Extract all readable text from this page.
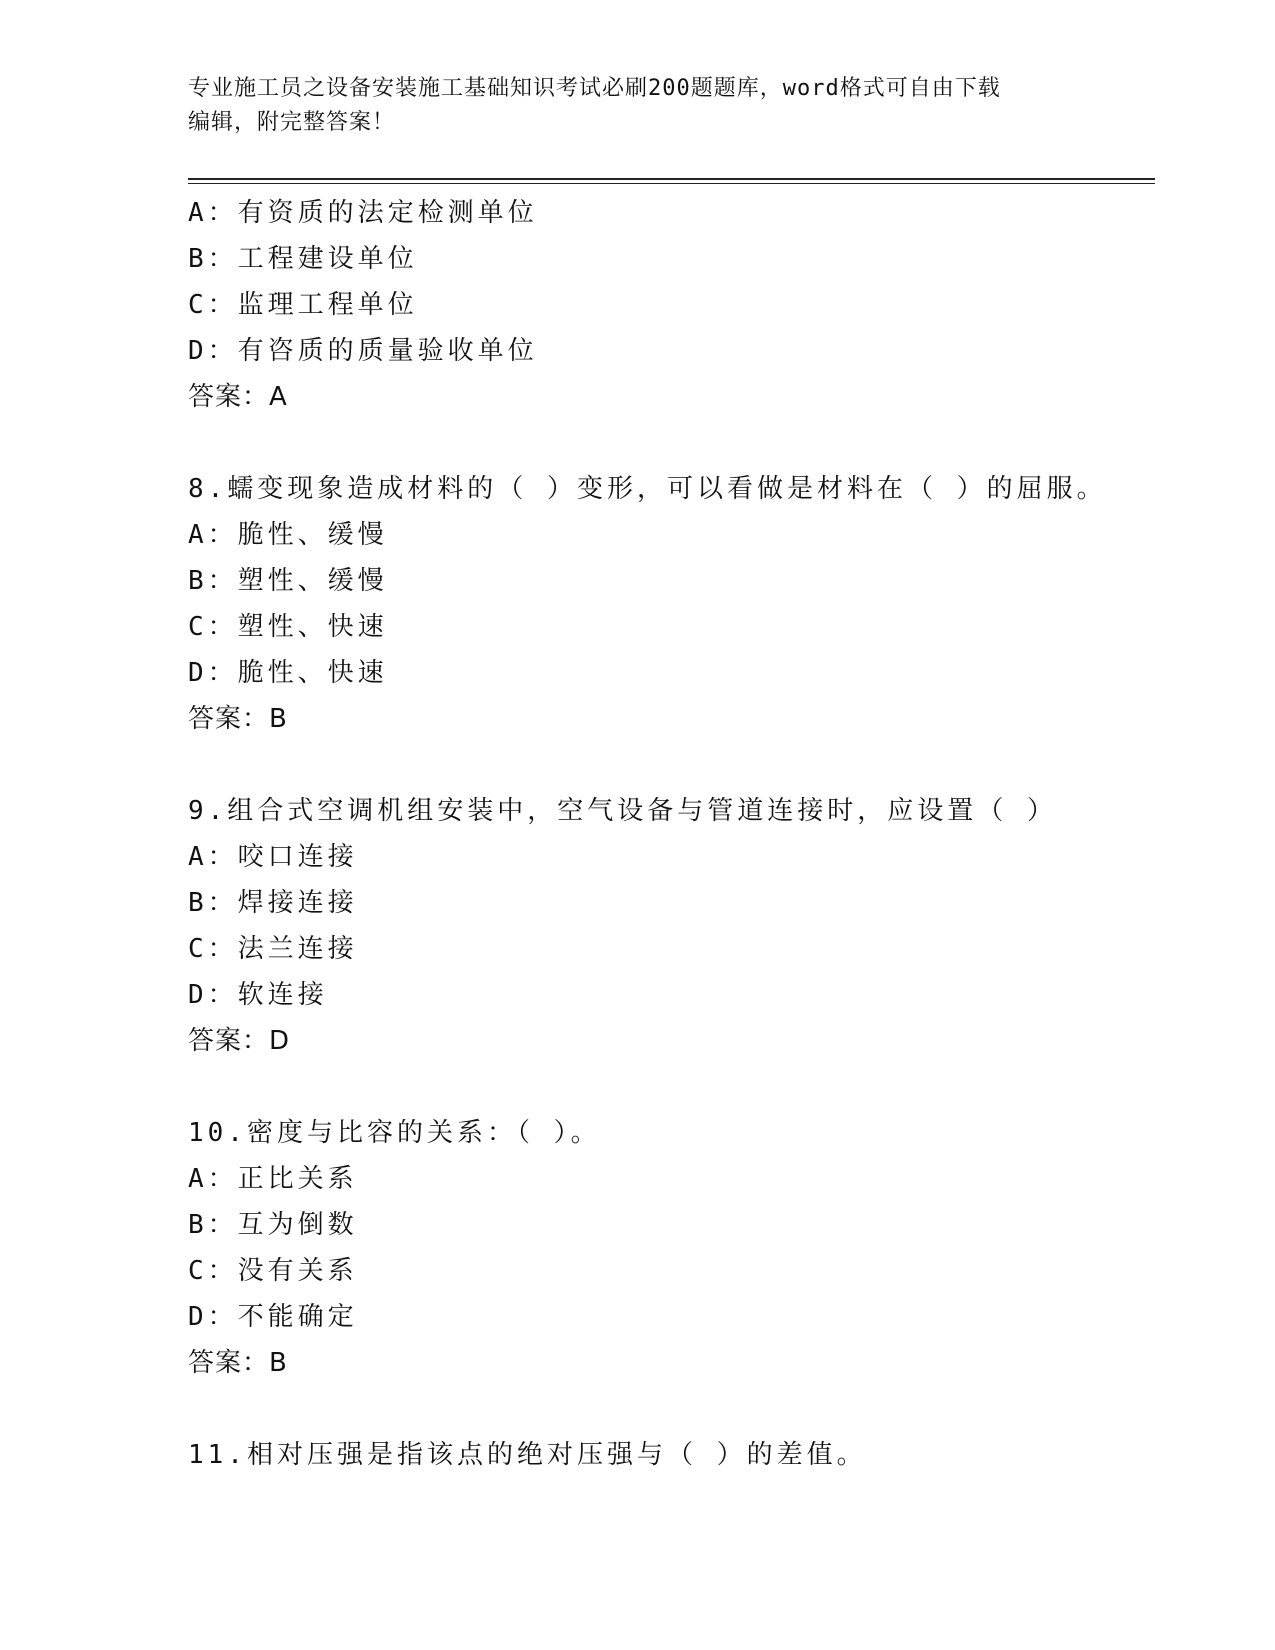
专业施工员之设备安装施工基础知识考试必刷200题题库，word格式可自由下载
编辑，附完整答案！
A：有资质的法定检测单位
B：工程建设单位
C：监理工程单位
D：有咨质的质量验收单位
答案：A
8.蠕变现象造成材料的（ ）变形，可以看做是材料在（ ）的屈服。
A：脆性、缓慢
B：塑性、缓慢
C：塑性、快速
D：脆性、快速
答案：B
9.组合式空调机组安装中，空气设备与管道连接时，应设置（ ）
A：咬口连接
B：焊接连接
C：法兰连接
D：软连接
答案：D
10.密度与比容的关系：（ ）。
A：正比关系
B：互为倒数
C：没有关系
D：不能确定
答案：B
11.相对压强是指该点的绝对压强与（ ）的差值。
